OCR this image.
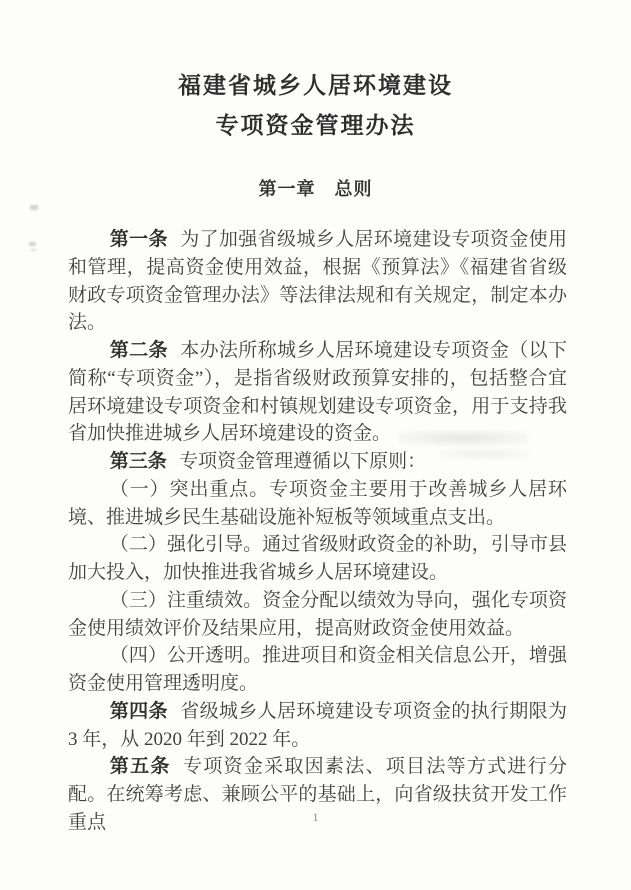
福建省城乡人居环境建设
专项资金管理办法
第一章　总则

第一条 为了加强省级城乡人居环境建设专项资金使用和管理，提高资金使用效益，根据《预算法》《福建省省级财政专项资金管理办法》等法律法规和有关规定，制定本办法。

第二条 本办法所称城乡人居环境建设专项资金（以下简称“专项资金”），是指省级财政预算安排的，包括整合宜居环境建设专项资金和村镇规划建设专项资金，用于支持我省加快推进城乡人居环境建设的资金。

第三条 专项资金管理遵循以下原则：

（一）突出重点。专项资金主要用于改善城乡人居环境、推进城乡民生基础设施补短板等领域重点支出。

（二）强化引导。通过省级财政资金的补助，引导市县加大投入，加快推进我省城乡人居环境建设。

（三）注重绩效。资金分配以绩效为导向，强化专项资金使用绩效评价及结果应用，提高财政资金使用效益。

（四）公开透明。推进项目和资金相关信息公开，增强资金使用管理透明度。

第四条 省级城乡人居环境建设专项资金的执行期限为 3 年，从 2020 年到 2022 年。

第五条 专项资金采取因素法、项目法等方式进行分配。在统筹考虑、兼顾公平的基础上，向省级扶贫开发工作重点	1
